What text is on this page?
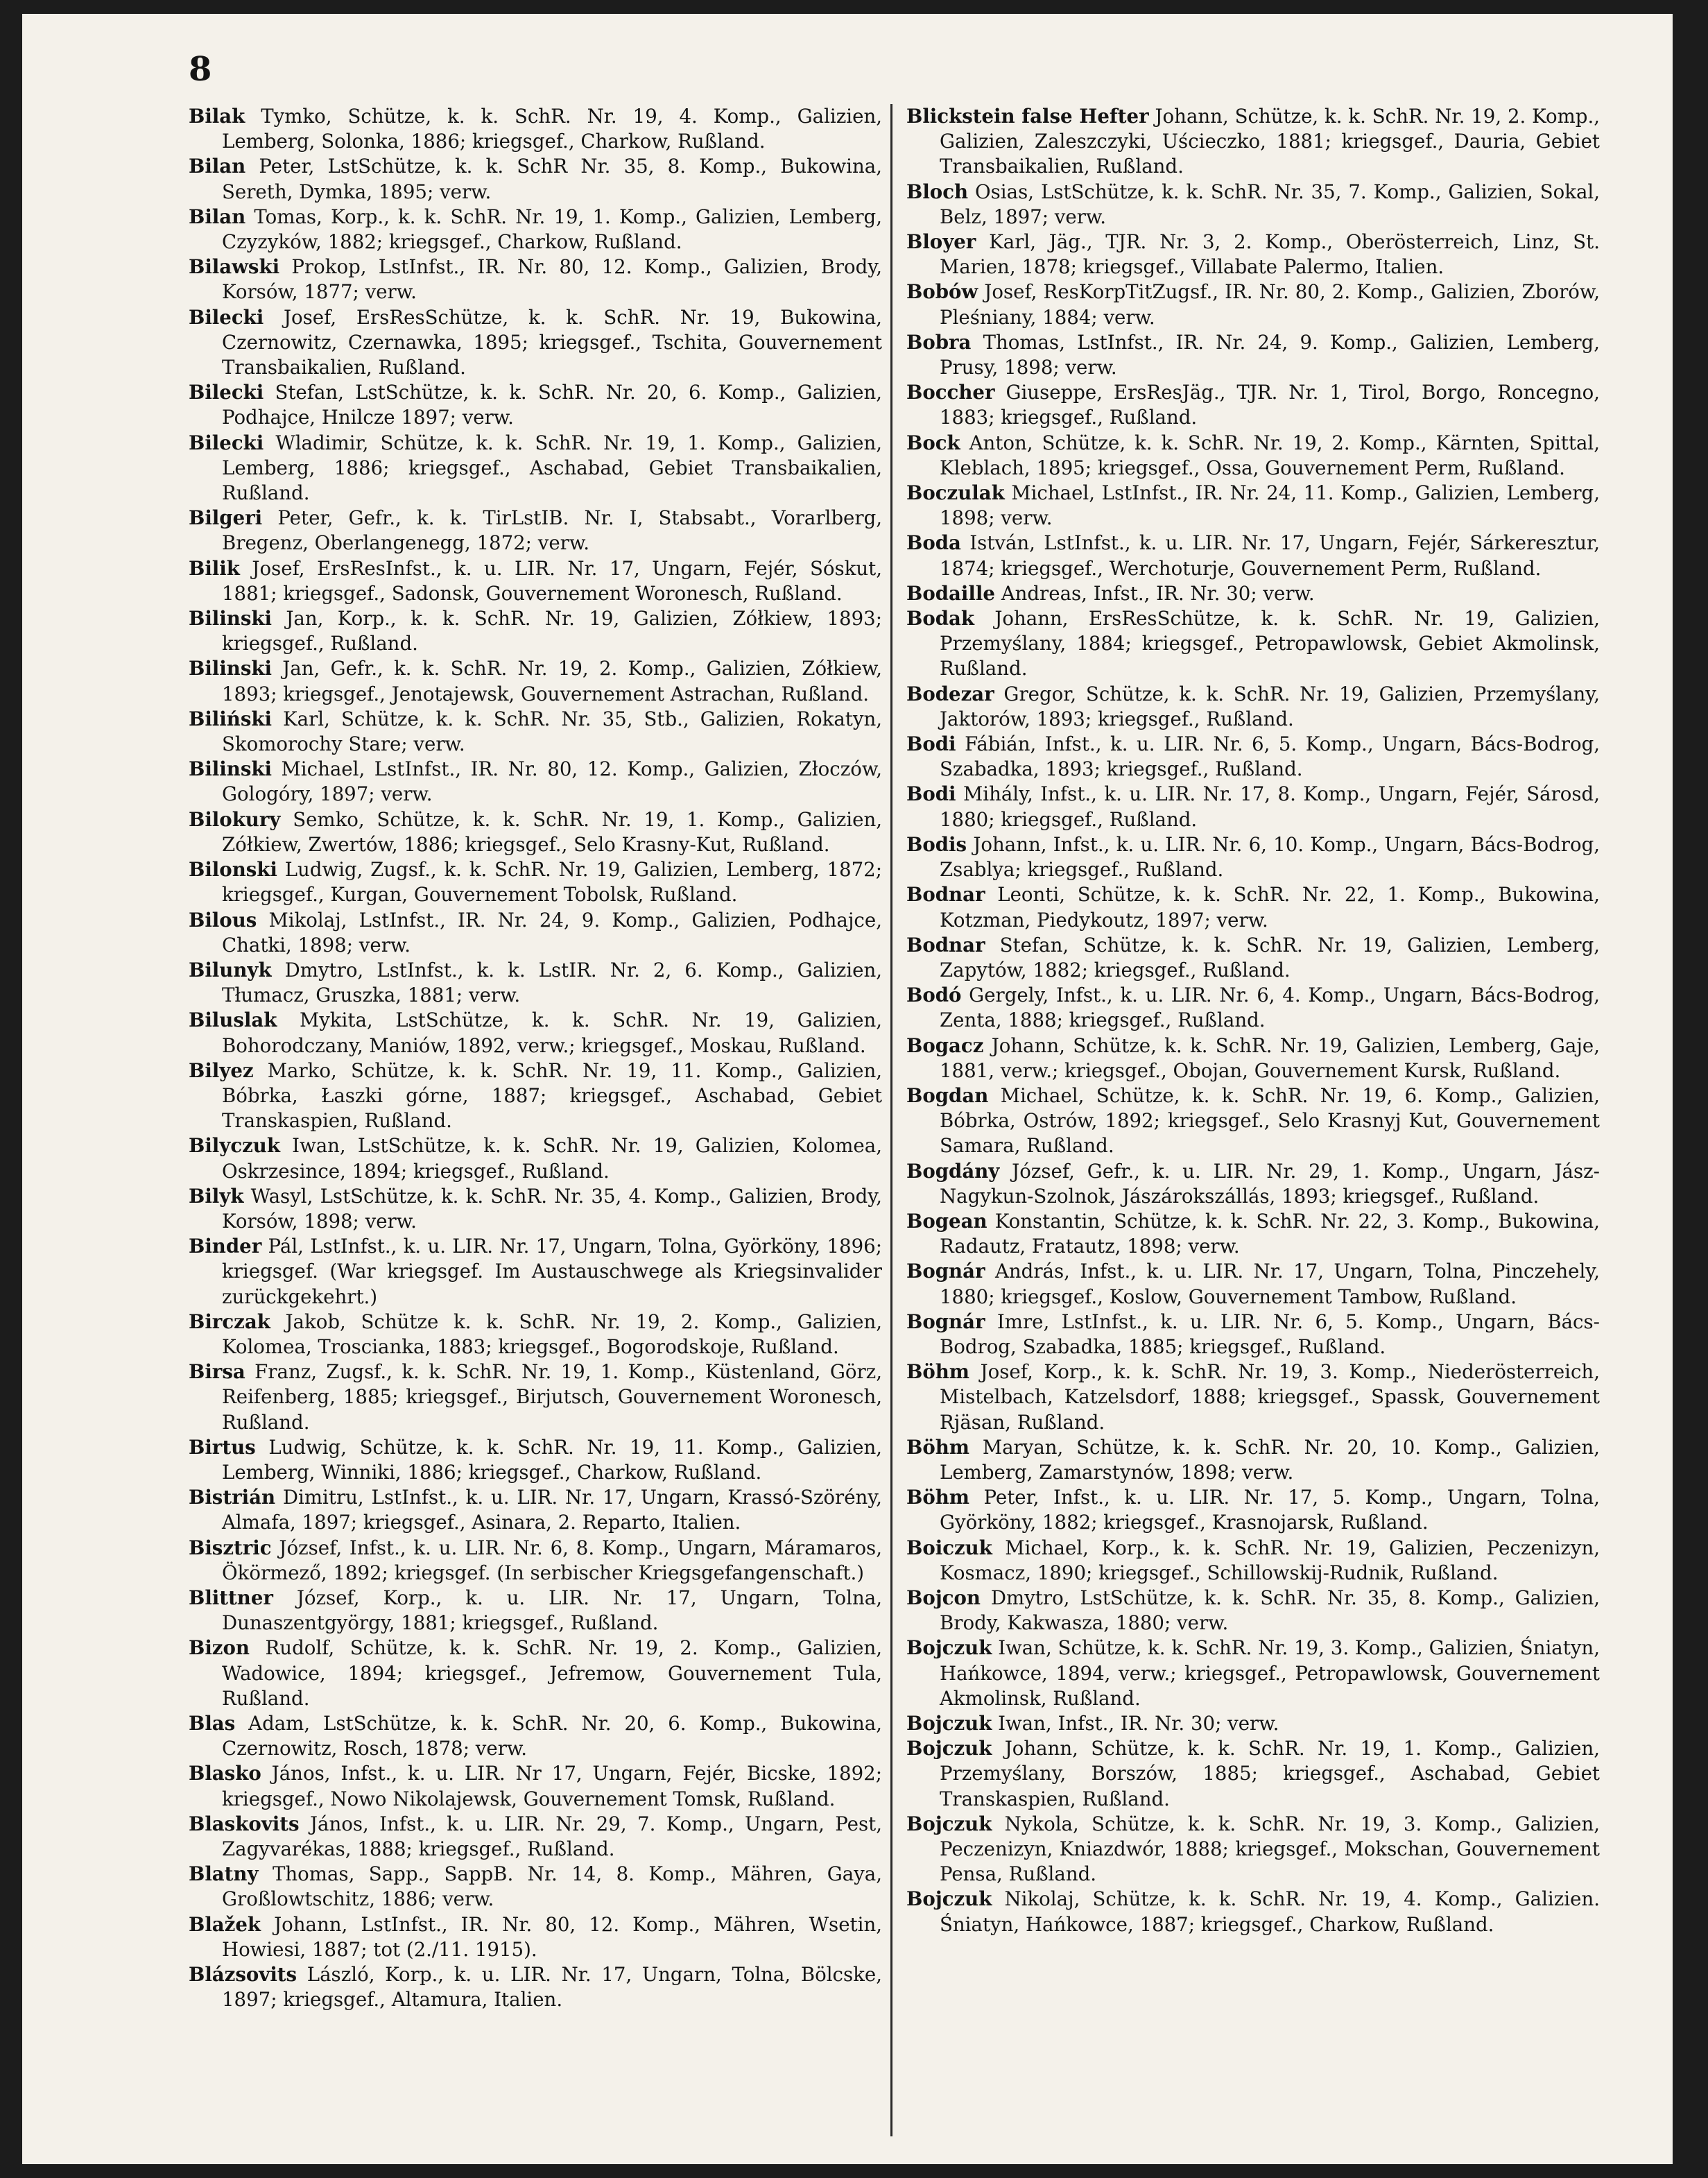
8

Bilak Tymko, Schütze, k. k. SchR. Nr. 19, 4. Komp., Galizien, Lemberg, Solonka, 1886; kriegsgef., Charkow, Rußland.

Bilan Peter, LstSchütze, k. k. SchR Nr. 35, 8. Komp., Bukowina, Sereth, Dymka, 1895; verw.

Bilan Tomas, Korp., k. k. SchR. Nr. 19, 1. Komp., Galizien, Lemberg, Czyzyków, 1882; kriegsgef., Charkow, Rußland.

Bilawski Prokop, LstInfst., IR. Nr. 80, 12. Komp., Galizien, Brody, Korsów, 1877; verw.

Bilecki Josef, ErsResSchütze, k. k. SchR. Nr. 19, Bukowina, Czernowitz, Czernawka, 1895; kriegsgef., Tschita, Gouvernement Transbaikalien, Rußland.

Bilecki Stefan, LstSchütze, k. k. SchR. Nr. 20, 6. Komp., Galizien, Podhajce, Hnilcze 1897; verw.

Bilecki Wladimir, Schütze, k. k. SchR. Nr. 19, 1. Komp., Galizien, Lemberg, 1886; kriegsgef., Aschabad, Gebiet Transbaikalien, Rußland.

Bilgeri Peter, Gefr., k. k. TirLstIB. Nr. I, Stabsabt., Vorarlberg, Bregenz, Oberlangenegg, 1872; verw.

Bilik Josef, ErsResInfst., k. u. LIR. Nr. 17, Ungarn, Fejér, Sóskut, 1881; kriegsgef., Sadonsk, Gouvernement Woronesch, Rußland.

Bilinski Jan, Korp., k. k. SchR. Nr. 19, Galizien, Zółkiew, 1893; kriegsgef., Rußland.

Bilinski Jan, Gefr., k. k. SchR. Nr. 19, 2. Komp., Galizien, Zółkiew, 1893; kriegsgef., Jenotajewsk, Gouvernement Astrachan, Rußland.

Biliński Karl, Schütze, k. k. SchR. Nr. 35, Stb., Galizien, Rokatyn, Skomorochy Stare; verw.

Bilinski Michael, LstInfst., IR. Nr. 80, 12. Komp., Galizien, Złoczów, Gologóry, 1897; verw.

Bilokury Semko, Schütze, k. k. SchR. Nr. 19, 1. Komp., Galizien, Zółkiew, Zwertów, 1886; kriegsgef., Selo Krasny-Kut, Rußland.

Bilonski Ludwig, Zugsf., k. k. SchR. Nr. 19, Galizien, Lemberg, 1872; kriegsgef., Kurgan, Gouvernement Tobolsk, Rußland.

Bilous Mikolaj, LstInfst., IR. Nr. 24, 9. Komp., Galizien, Podhajce, Chatki, 1898; verw.

Bilunyk Dmytro, LstInfst., k. k. LstIR. Nr. 2, 6. Komp., Galizien, Tłumacz, Gruszka, 1881; verw.

Biluslak Mykita, LstSchütze, k. k. SchR. Nr. 19, Galizien, Bohorodczany, Maniów, 1892, verw.; kriegsgef., Moskau, Rußland.

Bilyez Marko, Schütze, k. k. SchR. Nr. 19, 11. Komp., Galizien, Bóbrka, Łaszki górne, 1887; kriegsgef., Aschabad, Gebiet Transkaspien, Rußland.

Bilyczuk Iwan, LstSchütze, k. k. SchR. Nr. 19, Galizien, Kolomea, Oskrzesince, 1894; kriegsgef., Rußland.

Bilyk Wasyl, LstSchütze, k. k. SchR. Nr. 35, 4. Komp., Galizien, Brody, Korsów, 1898; verw.

Binder Pál, LstInfst., k. u. LIR. Nr. 17, Ungarn, Tolna, Györköny, 1896; kriegsgef. (War kriegsgef. Im Austauschwege als Kriegsinvalider zurückgekehrt.)

Birczak Jakob, Schütze k. k. SchR. Nr. 19, 2. Komp., Galizien, Kolomea, Troscianka, 1883; kriegsgef., Bogorodskoje, Rußland.

Birsa Franz, Zugsf., k. k. SchR. Nr. 19, 1. Komp., Küstenland, Görz, Reifenberg, 1885; kriegsgef., Birjutsch, Gouvernement Woronesch, Rußland.

Birtus Ludwig, Schütze, k. k. SchR. Nr. 19, 11. Komp., Galizien, Lemberg, Winniki, 1886; kriegsgef., Charkow, Rußland.

Bistrián Dimitru, LstInfst., k. u. LIR. Nr. 17, Ungarn, Krassó-Szörény, Almafa, 1897; kriegsgef., Asinara, 2. Reparto, Italien.

Bisztric József, Infst., k. u. LIR. Nr. 6, 8. Komp., Ungarn, Máramaros, Ökörmező, 1892; kriegsgef. (In serbischer Kriegsgefangenschaft.)

Blittner József, Korp., k. u. LIR. Nr. 17, Ungarn, Tolna, Dunaszentgyörgy, 1881; kriegsgef., Rußland.

Bizon Rudolf, Schütze, k. k. SchR. Nr. 19, 2. Komp., Galizien, Wadowice, 1894; kriegsgef., Jefremow, Gouvernement Tula, Rußland.

Blas Adam, LstSchütze, k. k. SchR. Nr. 20, 6. Komp., Bukowina, Czernowitz, Rosch, 1878; verw.

Blasko János, Infst., k. u. LIR. Nr 17, Ungarn, Fejér, Bicske, 1892; kriegsgef., Nowo Nikolajewsk, Gouvernement Tomsk, Rußland.

Blaskovits János, Infst., k. u. LIR. Nr. 29, 7. Komp., Ungarn, Pest, Zagyvarékas, 1888; kriegsgef., Rußland.

Blatny Thomas, Sapp., SappB. Nr. 14, 8. Komp., Mähren, Gaya, Großlowtschitz, 1886; verw.

Blažek Johann, LstInfst., IR. Nr. 80, 12. Komp., Mähren, Wsetin, Howiesi, 1887; tot (2./11. 1915).

Blázsovits László, Korp., k. u. LIR. Nr. 17, Ungarn, Tolna, Bölcske, 1897; kriegsgef., Altamura, Italien.

Blickstein false Hefter Johann, Schütze, k. k. SchR. Nr. 19, 2. Komp., Galizien, Zaleszczyki, Uścieczko, 1881; kriegsgef., Dauria, Gebiet Transbaikalien, Rußland.

Bloch Osias, LstSchütze, k. k. SchR. Nr. 35, 7. Komp., Galizien, Sokal, Belz, 1897; verw.

Bloyer Karl, Jäg., TJR. Nr. 3, 2. Komp., Oberösterreich, Linz, St. Marien, 1878; kriegsgef., Villabate Palermo, Italien.

Bobów Josef, ResKorpTitZugsf., IR. Nr. 80, 2. Komp., Galizien, Zborów, Pleśniany, 1884; verw.

Bobra Thomas, LstInfst., IR. Nr. 24, 9. Komp., Galizien, Lemberg, Prusy, 1898; verw.

Boccher Giuseppe, ErsResJäg., TJR. Nr. 1, Tirol, Borgo, Roncegno, 1883; kriegsgef., Rußland.

Bock Anton, Schütze, k. k. SchR. Nr. 19, 2. Komp., Kärnten, Spittal, Kleblach, 1895; kriegsgef., Ossa, Gouvernement Perm, Rußland.

Boczulak Michael, LstInfst., IR. Nr. 24, 11. Komp., Galizien, Lemberg, 1898; verw.

Boda István, LstInfst., k. u. LIR. Nr. 17, Ungarn, Fejér, Sárkeresztur, 1874; kriegsgef., Werchoturje, Gouvernement Perm, Rußland.

Bodaille Andreas, Infst., IR. Nr. 30; verw.

Bodak Johann, ErsResSchütze, k. k. SchR. Nr. 19, Galizien, Przemyślany, 1884; kriegsgef., Petropawlowsk, Gebiet Akmolinsk, Rußland.

Bodezar Gregor, Schütze, k. k. SchR. Nr. 19, Galizien, Przemyślany, Jaktorów, 1893; kriegsgef., Rußland.

Bodi Fábián, Infst., k. u. LIR. Nr. 6, 5. Komp., Ungarn, Bács-Bodrog, Szabadka, 1893; kriegsgef., Rußland.

Bodi Mihály, Infst., k. u. LIR. Nr. 17, 8. Komp., Ungarn, Fejér, Sárosd, 1880; kriegsgef., Rußland.

Bodis Johann, Infst., k. u. LIR. Nr. 6, 10. Komp., Ungarn, Bács-Bodrog, Zsablya; kriegsgef., Rußland.

Bodnar Leonti, Schütze, k. k. SchR. Nr. 22, 1. Komp., Bukowina, Kotzman, Piedykoutz, 1897; verw.

Bodnar Stefan, Schütze, k. k. SchR. Nr. 19, Galizien, Lemberg, Zapytów, 1882; kriegsgef., Rußland.

Bodó Gergely, Infst., k. u. LIR. Nr. 6, 4. Komp., Ungarn, Bács-Bodrog, Zenta, 1888; kriegsgef., Rußland.

Bogacz Johann, Schütze, k. k. SchR. Nr. 19, Galizien, Lemberg, Gaje, 1881, verw.; kriegsgef., Obojan, Gouvernement Kursk, Rußland.

Bogdan Michael, Schütze, k. k. SchR. Nr. 19, 6. Komp., Galizien, Bóbrka, Ostrów, 1892; kriegsgef., Selo Krasnyj Kut, Gouvernement Samara, Rußland.

Bogdány József, Gefr., k. u. LIR. Nr. 29, 1. Komp., Ungarn, Jász-Nagykun-Szolnok, Jászárokszállás, 1893; kriegsgef., Rußland.

Bogean Konstantin, Schütze, k. k. SchR. Nr. 22, 3. Komp., Bukowina, Radautz, Fratautz, 1898; verw.

Bognár András, Infst., k. u. LIR. Nr. 17, Ungarn, Tolna, Pinczehely, 1880; kriegsgef., Koslow, Gouvernement Tambow, Rußland.

Bognár Imre, LstInfst., k. u. LIR. Nr. 6, 5. Komp., Ungarn, Bács-Bodrog, Szabadka, 1885; kriegsgef., Rußland.

Böhm Josef, Korp., k. k. SchR. Nr. 19, 3. Komp., Niederösterreich, Mistelbach, Katzelsdorf, 1888; kriegsgef., Spassk, Gouvernement Rjäsan, Rußland.

Böhm Maryan, Schütze, k. k. SchR. Nr. 20, 10. Komp., Galizien, Lemberg, Zamarstynów, 1898; verw.

Böhm Peter, Infst., k. u. LIR. Nr. 17, 5. Komp., Ungarn, Tolna, Györköny, 1882; kriegsgef., Krasnojarsk, Rußland.

Boiczuk Michael, Korp., k. k. SchR. Nr. 19, Galizien, Peczenizyn, Kosmacz, 1890; kriegsgef., Schillowskij-Rudnik, Rußland.

Bojcon Dmytro, LstSchütze, k. k. SchR. Nr. 35, 8. Komp., Galizien, Brody, Kakwasza, 1880; verw.

Bojczuk Iwan, Schütze, k. k. SchR. Nr. 19, 3. Komp., Galizien, Śniatyn, Hańkowce, 1894, verw.; kriegsgef., Petropawlowsk, Gouvernement Akmolinsk, Rußland.

Bojczuk Iwan, Infst., IR. Nr. 30; verw.

Bojczuk Johann, Schütze, k. k. SchR. Nr. 19, 1. Komp., Galizien, Przemyślany, Borszów, 1885; kriegsgef., Aschabad, Gebiet Transkaspien, Rußland.

Bojczuk Nykola, Schütze, k. k. SchR. Nr. 19, 3. Komp., Galizien, Peczenizyn, Kniazdwór, 1888; kriegsgef., Mokschan, Gouvernement Pensa, Rußland.

Bojczuk Nikolaj, Schütze, k. k. SchR. Nr. 19, 4. Komp., Galizien. Śniatyn, Hańkowce, 1887; kriegsgef., Charkow, Rußland.
